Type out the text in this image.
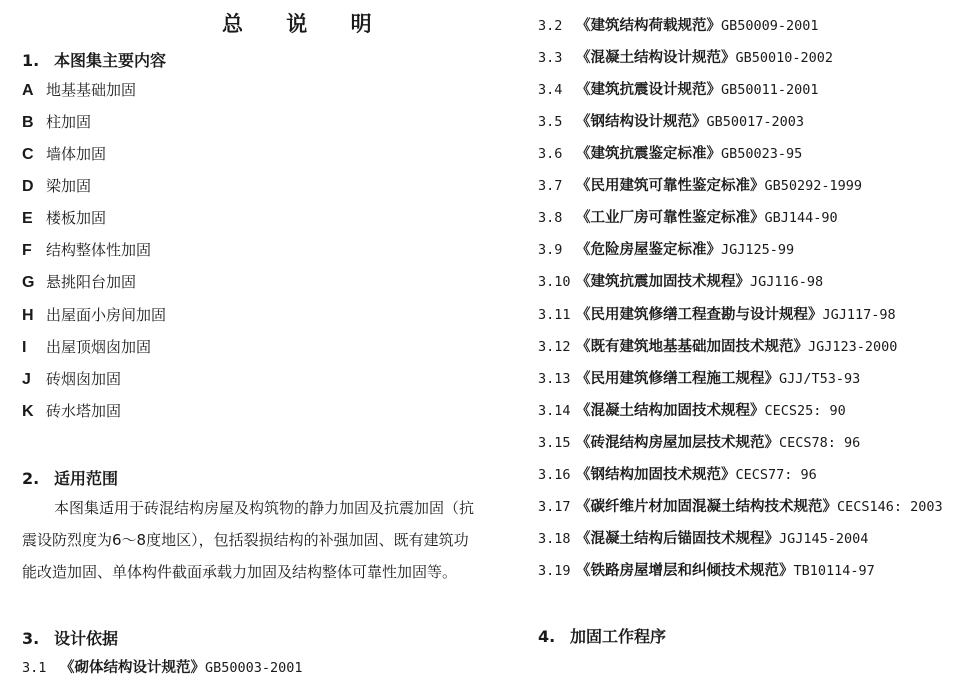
总 说 明
1. 本图集主要内容
A 地基基础加固
B 柱加固
C 墙体加固
D 梁加固
E 楼板加固
F 结构整体性加固
G 悬挑阳台加固
H 出屋面小房间加固
I 出屋顶烟囱加固
J 砖烟囱加固
K 砖水塔加固
2. 适用范围
本图集适用于砖混结构房屋及构筑物的静力加固及抗震加固（抗
震设防烈度为6～8度地区），包括裂损结构的补强加固、既有建筑功
能改造加固、单体构件截面承载力加固及结构整体可靠性加固等。
3. 设计依据
3.1 《砌体结构设计规范》GB50003-2001
3.2 《建筑结构荷载规范》GB50009-2001
3.3 《混凝土结构设计规范》GB50010-2002
3.4 《建筑抗震设计规范》GB50011-2001
3.5 《钢结构设计规范》GB50017-2003
3.6 《建筑抗震鉴定标准》GB50023-95
3.7 《民用建筑可靠性鉴定标准》GB50292-1999
3.8 《工业厂房可靠性鉴定标准》GBJ144-90
3.9 《危险房屋鉴定标准》JGJ125-99
3.10 《建筑抗震加固技术规程》JGJ116-98
3.11 《民用建筑修缮工程查勘与设计规程》JGJ117-98
3.12 《既有建筑地基基础加固技术规范》JGJ123-2000
3.13 《民用建筑修缮工程施工规程》GJJ/T53-93
3.14 《混凝土结构加固技术规程》CECS25: 90
3.15 《砖混结构房屋加层技术规范》CECS78: 96
3.16 《钢结构加固技术规范》CECS77: 96
3.17 《碳纤维片材加固混凝土结构技术规范》CECS146: 2003
3.18 《混凝土结构后锚固技术规程》JGJ145-2004
3.19 《铁路房屋增层和纠倾技术规范》TB10114-97
4. 加固工作程序
